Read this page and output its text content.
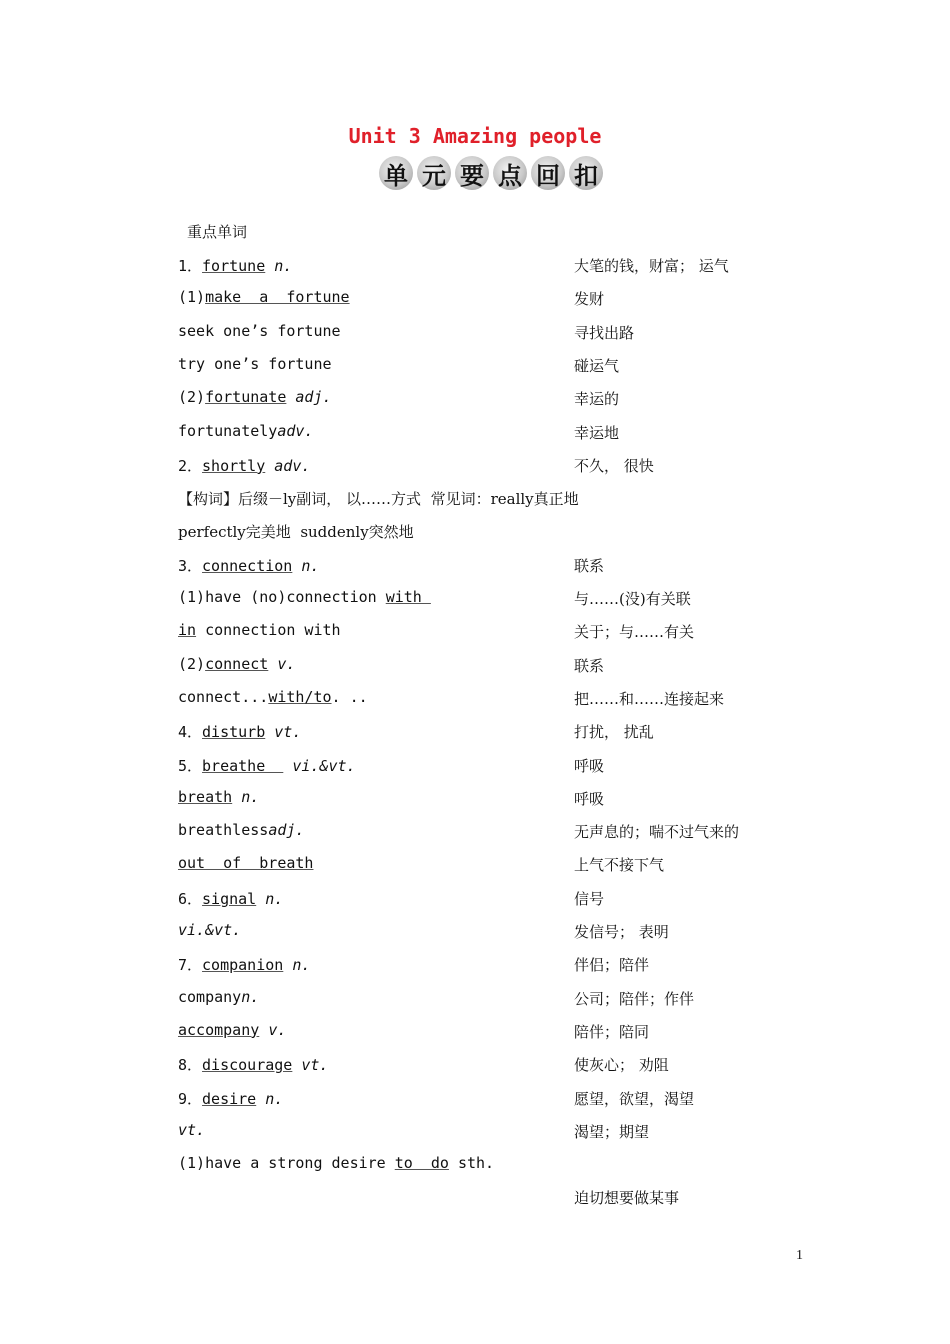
Unit 3 Amazing people
单 元 要 点 回 扣
重点单词
1．fortune n.	大笔的钱，财富； 运气
(1)make  a  fortune	发财
seek one’s fortune	寻找出路
try one’s fortune	碰运气
(2)fortunate adj.	幸运的
fortunatelyadv.	幸运地
2．shortly adv.	不久， 很快
【构词】后缀－ly副词， 以……方式  常见词：really真正地
perfectly完美地  suddenly突然地
3．connection n.	联系
(1)have (no)connection with	与……(没)有关联
in connection with	关于；与……有关
(2)connect v.	联系
connect...with/to. ..	把……和……连接起来
4．disturb vt.	打扰， 扰乱
5．breathe   vi.&vt.	呼吸
breath n.	呼吸
breathlessadj.	无声息的；喘不过气来的
out  of  breath	上气不接下气
6．signal n.	信号
vi.&vt.	发信号； 表明
7．companion n.	伴侣；陪伴
companyn.	公司；陪伴；作伴
accompany v.	陪伴；陪同
8．discourage vt.	使灰心； 劝阻
9．desire n.	愿望，欲望，渴望
vt.	渴望；期望
(1)have a strong desire to  do sth.
迫切想要做某事
1
